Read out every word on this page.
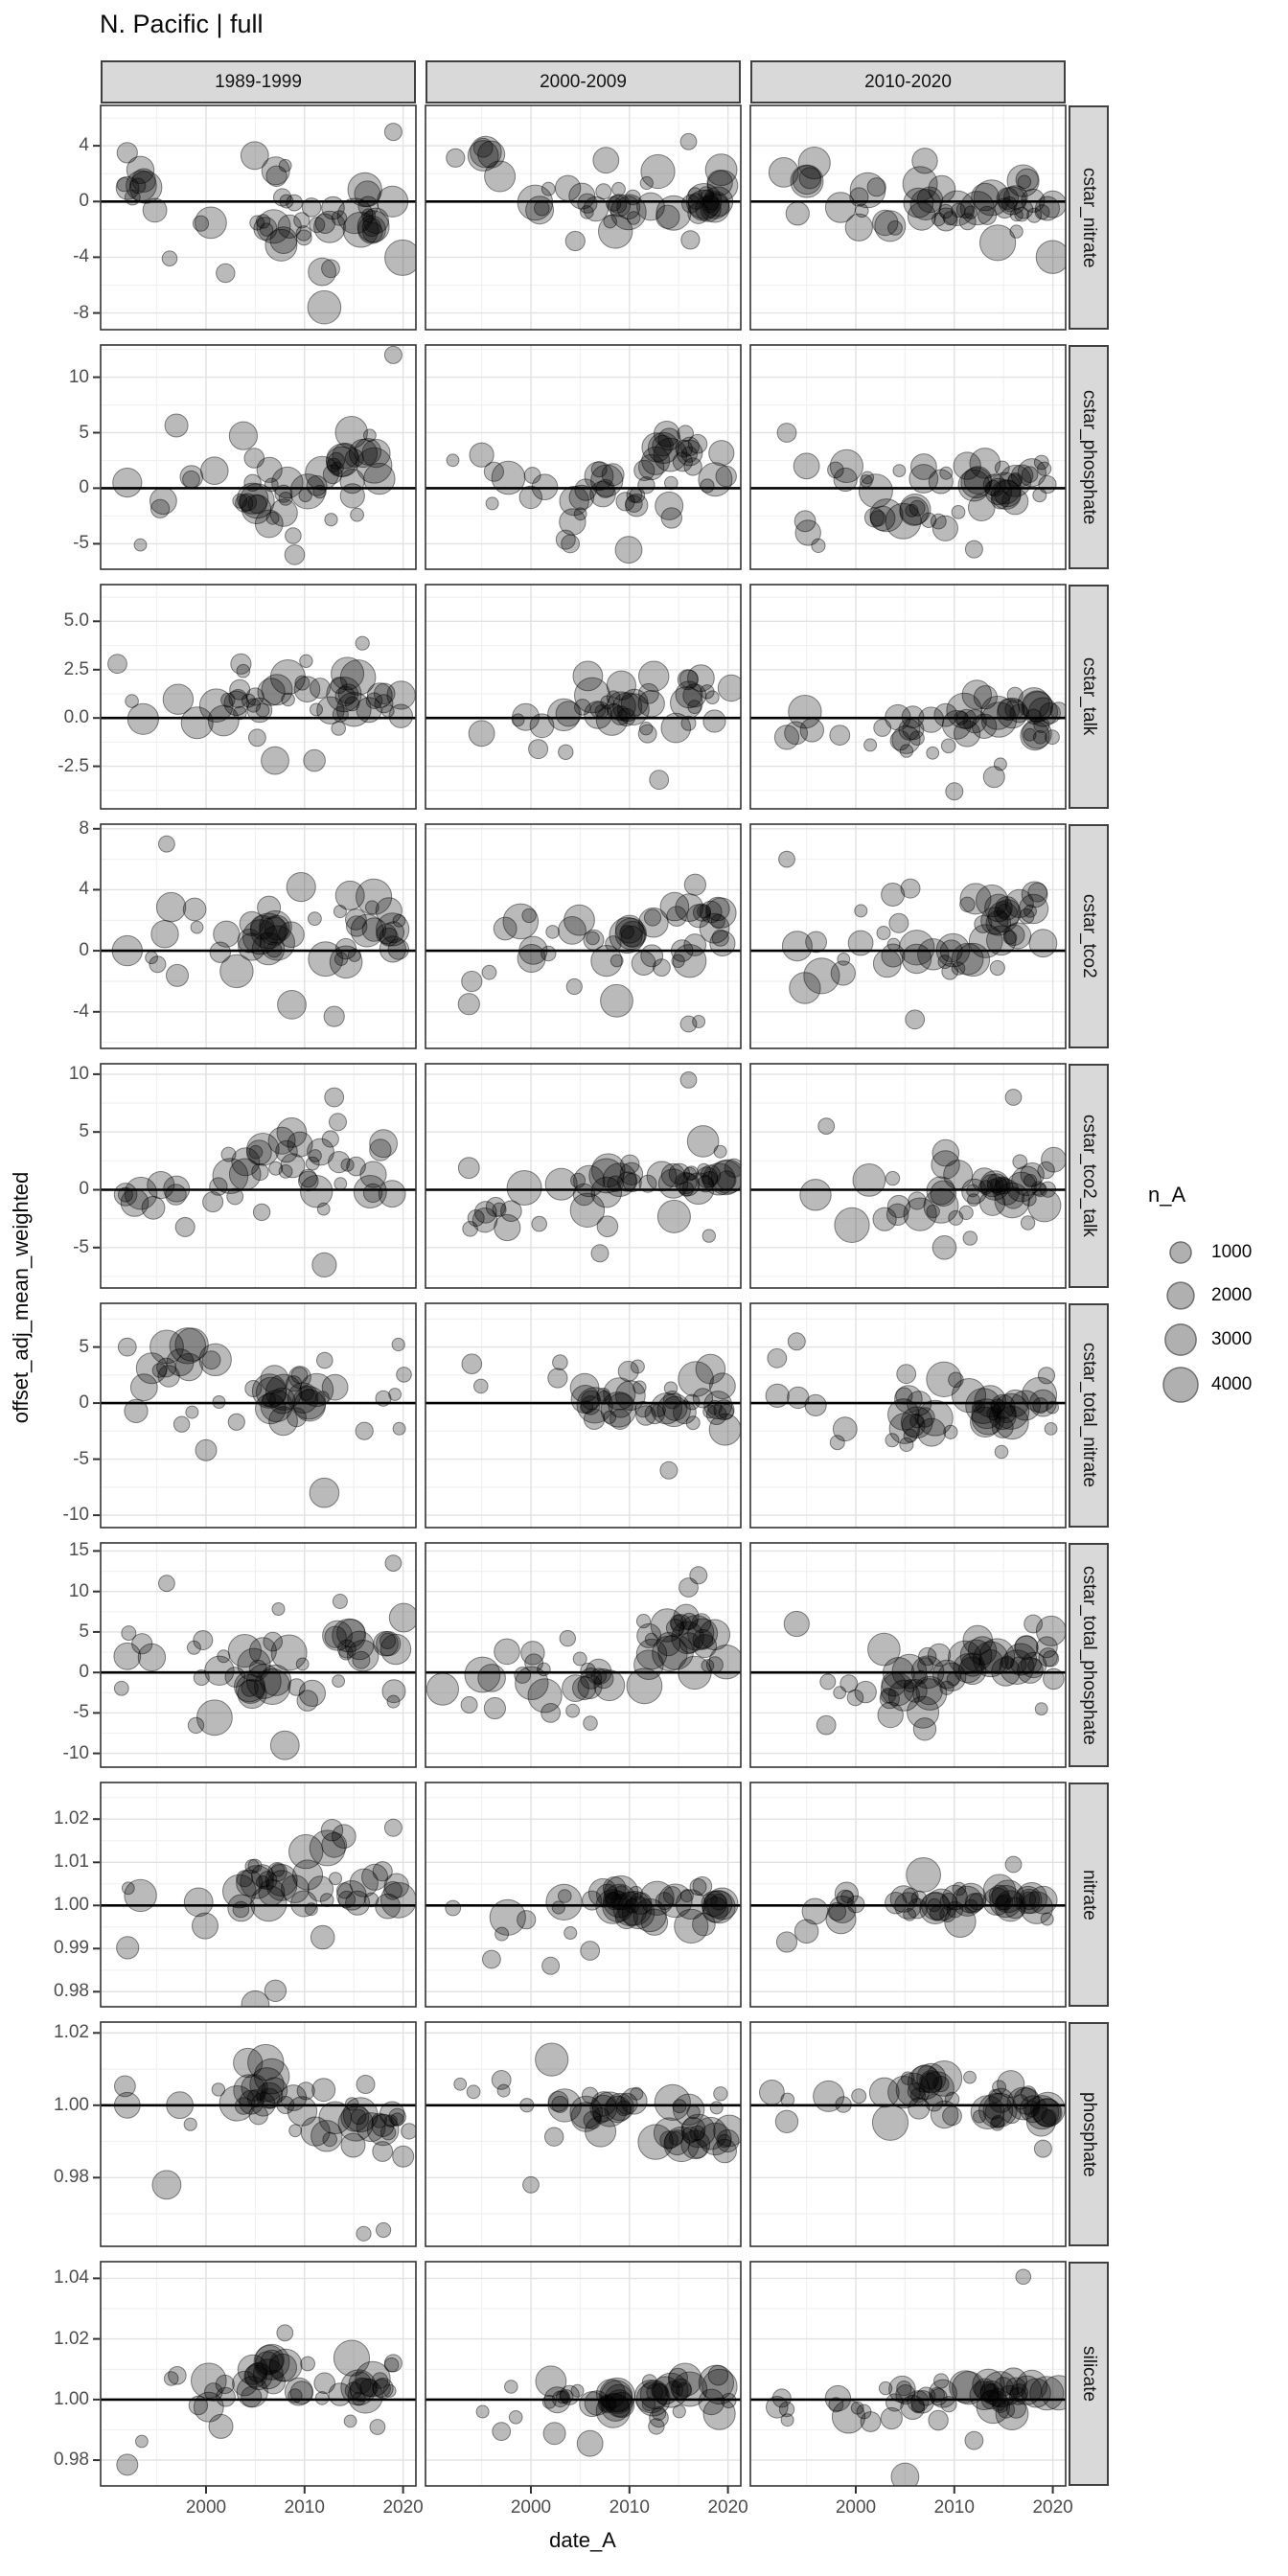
N. Pacific | full
offset_adj_mean_weighted
date_A
n_A
1000
2000
3000
4000
1989-1999	2000-2009	2010-2020
cstar_nitrate
cstar_phosphate
cstar_talk
cstar_tco2
cstar_tco2_talk
cstar_total_nitrate
cstar_total_phosphate
nitrate
phosphate
silicate
4
0
-4
-8
10
5
0
-5
5.0
2.5
0.0
-2.5
8
4
0
-4
10
5
0
-5
5
0
-5
-10
15
10
5
0
-5
-10
1.02
1.01
1.00
0.99
0.98
1.02
1.00
0.98
1.04
1.02
1.00
0.98
2000	2010	2020	2000	2010	2020	2000	2010	2020
